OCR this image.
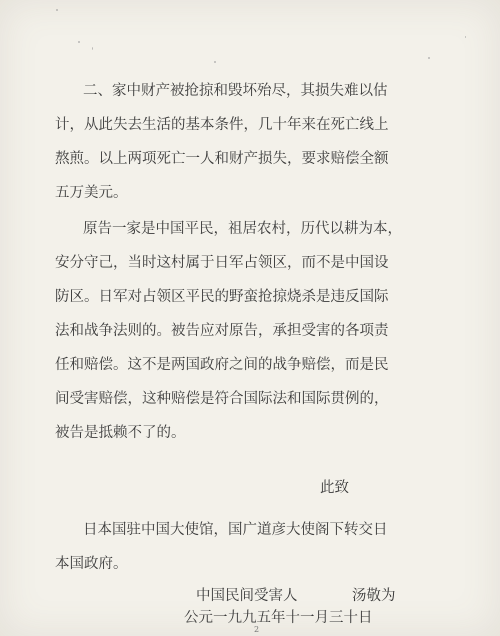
二、家中财产被抢掠和毁坏殆尽，其损失难以估
计，从此失去生活的基本条件，几十年来在死亡线上
熬煎。以上两项死亡一人和财产损失，要求赔偿全额
五万美元。
原告一家是中国平民，祖居农村，历代以耕为本，
安分守己，当时这村属于日军占领区，而不是中国设
防区。日军对占领区平民的野蛮抢掠烧杀是违反国际
法和战争法则的。被告应对原告，承担受害的各项责
任和赔偿。这不是两国政府之间的战争赔偿，而是民
间受害赔偿，这种赔偿是符合国际法和国际贯例的，
被告是抵赖不了的。
此致
日本国驻中国大使馆，国广道彦大使阁下转交日
本国政府。
中国民间受害人	汤敬为
公元一九九五年十一月三十日
2
